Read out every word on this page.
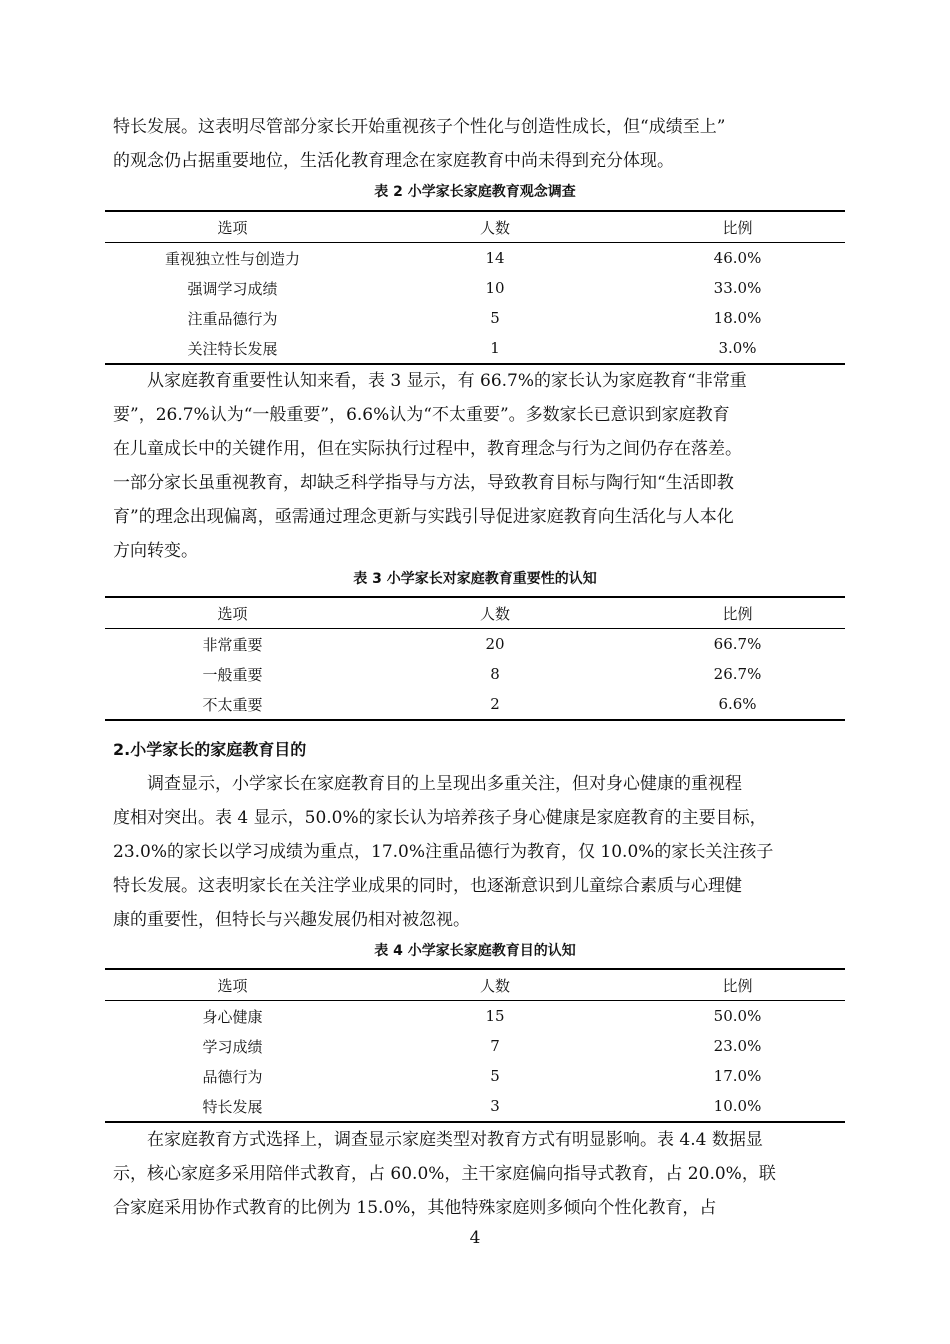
特长发展。这表明尽管部分家长开始重视孩子个性化与创造性成长，但“成绩至上”
的观念仍占据重要地位，生活化教育理念在家庭教育中尚未得到充分体现。

表 2 小学家长家庭教育观念调查
选项	人数	比例
重视独立性与创造力	14	46.0%
强调学习成绩	10	33.0%
注重品德行为	5	18.0%
关注特长发展	1	3.0%

从家庭教育重要性认知来看，表 3 显示，有 66.7%的家长认为家庭教育“非常重
要”，26.7%认为“一般重要”，6.6%认为“不太重要”。多数家长已意识到家庭教育
在儿童成长中的关键作用，但在实际执行过程中，教育理念与行为之间仍存在落差。
一部分家长虽重视教育，却缺乏科学指导与方法，导致教育目标与陶行知“生活即教
育”的理念出现偏离，亟需通过理念更新与实践引导促进家庭教育向生活化与人本化
方向转变。

表 3 小学家长对家庭教育重要性的认知
选项	人数	比例
非常重要	20	66.7%
一般重要	8	26.7%
不太重要	2	6.6%
2.小学家长的家庭教育目的

调查显示，小学家长在家庭教育目的上呈现出多重关注，但对身心健康的重视程
度相对突出。表 4 显示，50.0%的家长认为培养孩子身心健康是家庭教育的主要目标，
23.0%的家长以学习成绩为重点，17.0%注重品德行为教育，仅 10.0%的家长关注孩子
特长发展。这表明家长在关注学业成果的同时，也逐渐意识到儿童综合素质与心理健
康的重要性，但特长与兴趣发展仍相对被忽视。

表 4 小学家长家庭教育目的认知
选项	人数	比例
身心健康	15	50.0%
学习成绩	7	23.0%
品德行为	5	17.0%
特长发展	3	10.0%

在家庭教育方式选择上，调查显示家庭类型对教育方式有明显影响。表 4.4 数据显
示，核心家庭多采用陪伴式教育，占 60.0%，主干家庭偏向指导式教育，占 20.0%，联
合家庭采用协作式教育的比例为 15.0%，其他特殊家庭则多倾向个性化教育，占

4
